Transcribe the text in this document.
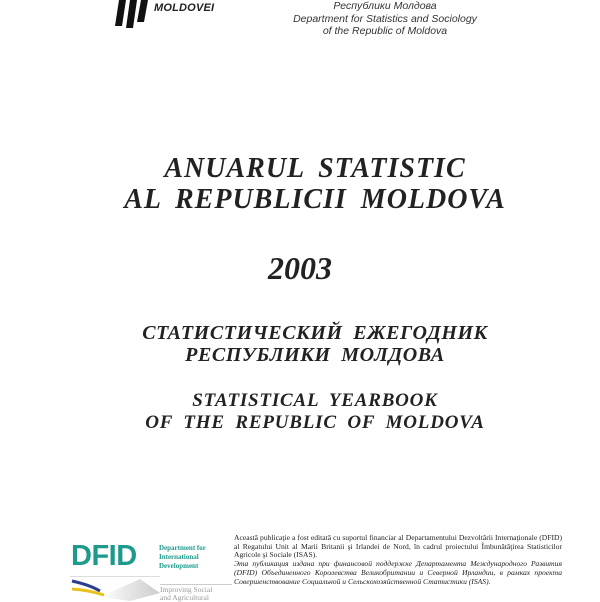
MOLDOVEI	Республики Молдова
Department for Statistics and Sociology
of the Republic of Moldova
ANUARUL STATISTIC
AL REPUBLICII MOLDOVA
2003
СТАТИСТИЧЕСКИЙ ЕЖЕГОДНИК
РЕСПУБЛИКИ МОЛДОВА
STATISTICAL YEARBOOK
OF THE REPUBLIC OF MOLDOVA
DFID	Department for
International
Development
Improving Social
and Agricultural
Această publicaţie a fost editată cu suportul financiar al Departamentului Dezvoltării Internaţionale (DFID) al Regatului Unit al Marii Britanii şi Irlandei de Nord, în cadrul proiectului Îmbunătăţirea Statisticilor Agricole şi Sociale (ISAS).
Эта публикация издана при финансовой поддержке Департамента Международного Развития (DFID) Объединенного Королевства Великобритании и Северной Ирландии, в рамках проекта Совершенствование Социальной и Сельскохозяйственной Статистики (ISAS).
